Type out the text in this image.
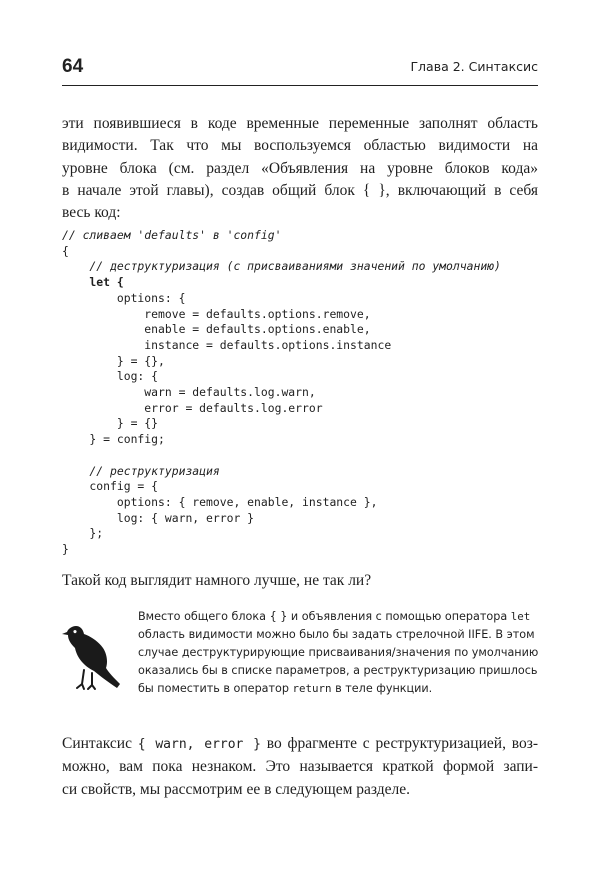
64	Глава 2. Синтаксис
эти появившиеся в коде временные переменные заполнят область
видимости. Так что мы воспользуемся областью видимости на
уровне блока (см. раздел «Объявления на уровне блоков кода»
в начале этой главы), создав общий блок { }, включающий в себя
весь код:
// сливаем 'defaults' в 'config'
{
// деструктуризация (с присваиваниями значений по умолчанию)
let {
options: {
remove = defaults.options.remove,
enable = defaults.options.enable,
instance = defaults.options.instance
} = {},
log: {
warn = defaults.log.warn,
error = defaults.log.error
} = {}
} = config;

// реструктуризация
config = {
options: { remove, enable, instance },
log: { warn, error }
};
}

Такой код выглядит намного лучше, не так ли?
Вместо общего блока { } и объявления с помощью оператора let
область видимости можно было бы задать стрелочной IIFE. В этом
случае деструктурирующие присваивания/значения по умолчанию
оказались бы в списке параметров, а реструктуризацию пришлось
бы поместить в оператор return в теле функции.
Синтаксис { warn, error } во фрагменте с реструктуризацией, воз-
можно, вам пока незнаком. Это называется краткой формой запи-
си свойств, мы рассмотрим ее в следующем разделе.
